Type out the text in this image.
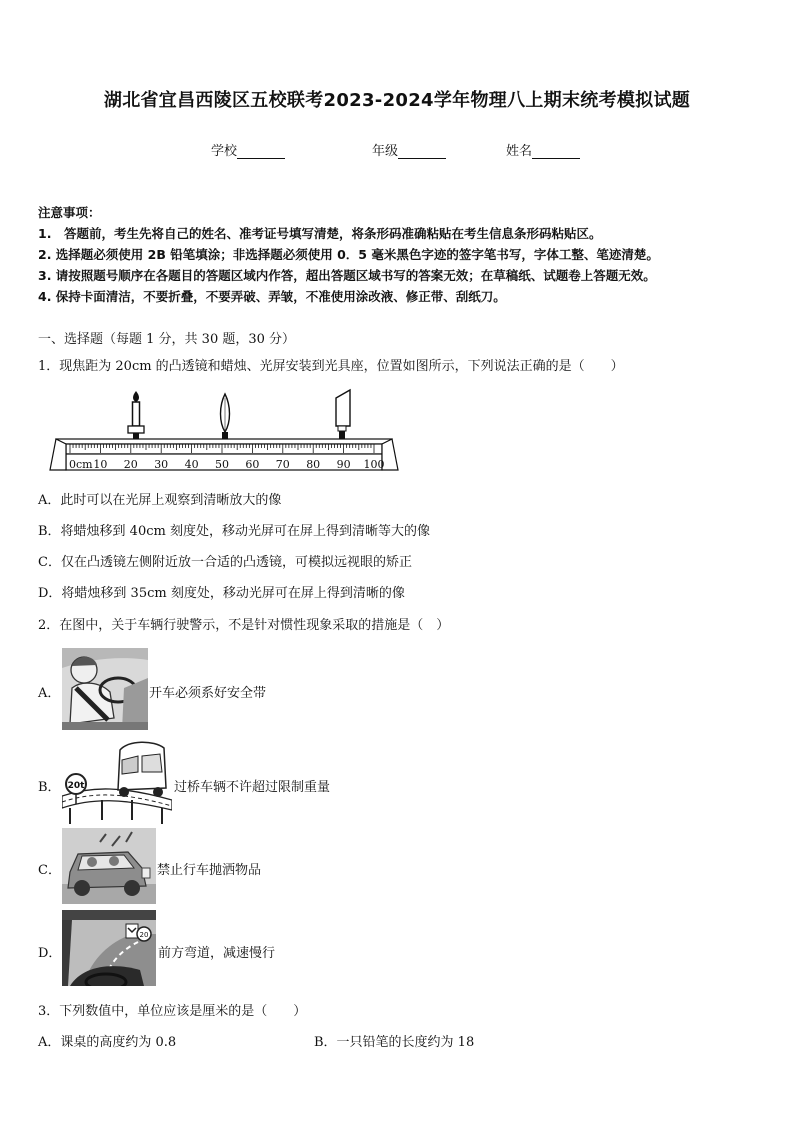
湖北省宜昌西陵区五校联考2023-2024学年物理八上期末统考模拟试题
学校	年级	姓名
注意事项：
1.　答题前，考生先将自己的姓名、准考证号填写清楚，将条形码准确粘贴在考生信息条形码粘贴区。
2. 选择题必须使用 2B 铅笔填涂；非选择题必须使用 0．5 毫米黑色字迹的签字笔书写，字体工整、笔迹清楚。
3. 请按照题号顺序在各题目的答题区域内作答，超出答题区域书写的答案无效；在草稿纸、试题卷上答题无效。
4. 保持卡面清洁，不要折叠，不要弄破、弄皱，不准使用涂改液、修正带、刮纸刀。
一、选择题（每题 1 分，共 30 题，30 分）
1．现焦距为 20cm 的凸透镜和蜡烛、光屏安装到光具座，位置如图所示，下列说法正确的是（　　）
0cm 10 20 30 40 50 60 70 80 90 100
A．此时可以在光屏上观察到清晰放大的像
B．将蜡烛移到 40cm 刻度处，移动光屏可在屏上得到清晰等大的像
C．仅在凸透镜左侧附近放一合适的凸透镜，可模拟远视眼的矫正
D．将蜡烛移到 35cm 刻度处，移动光屏可在屏上得到清晰的像
2．在图中，关于车辆行驶警示，不是针对惯性现象采取的措施是（　）
A．	开车必须系好安全带
B． 20t	过桥车辆不许超过限制重量
C．	禁止行车抛洒物品
D．
20
前方弯道，减速慢行
3．下列数值中，单位应该是厘米的是（　　）
A．课桌的高度约为 0.8	B．一只铅笔的长度约为 18
